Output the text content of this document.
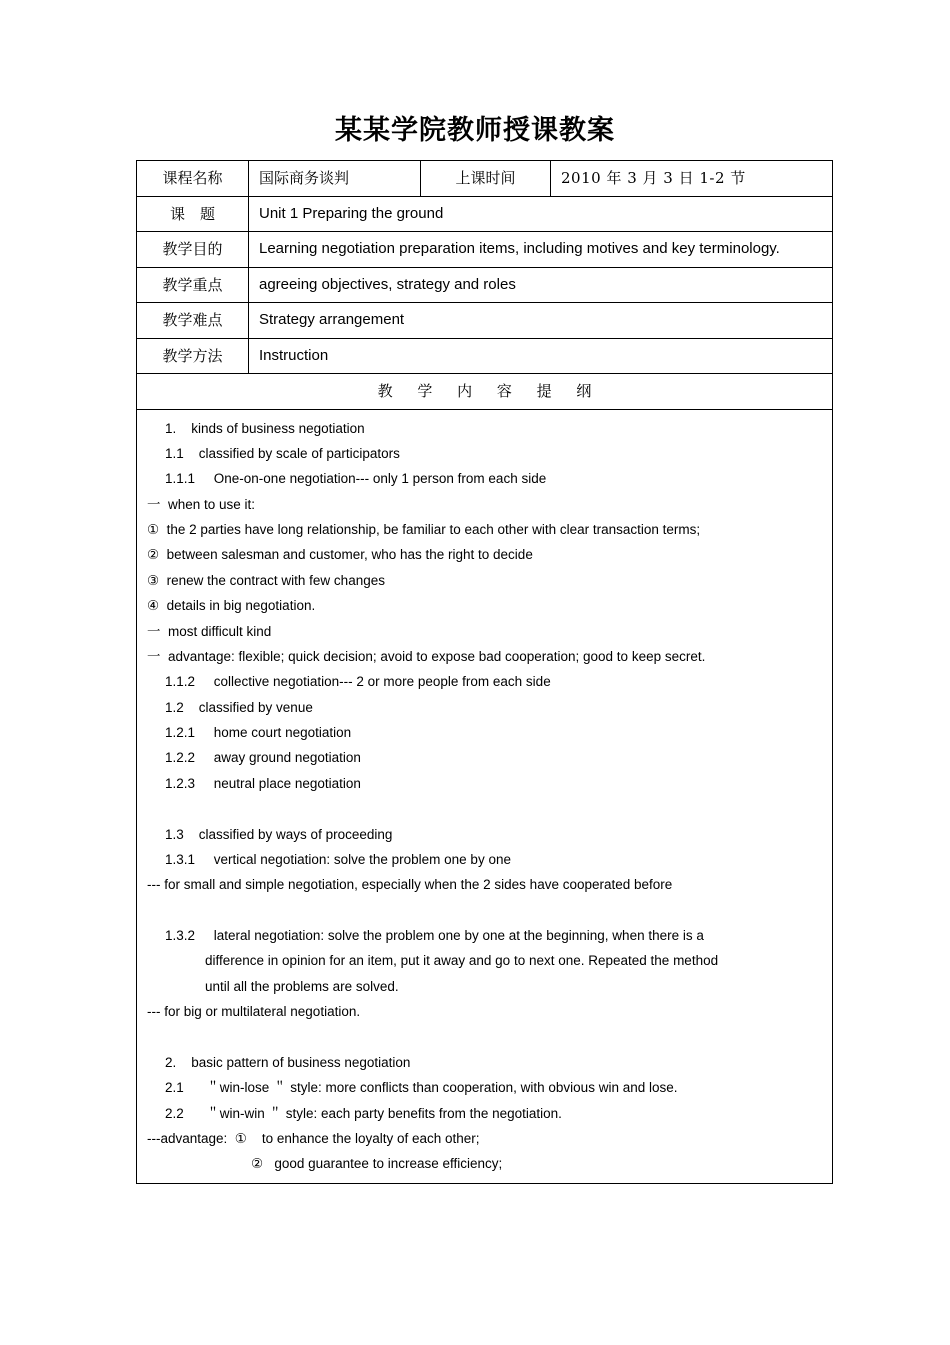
某某学院教师授课教案
课程名称	国际商务谈判	上课时间	2010 年 3 月 3 日 1-2 节
课　题	Unit 1 Preparing the ground		
教学目的	Learning negotiation preparation items, including motives and key terminology.		
教学重点	agreeing objectives, strategy and roles		
教学难点	Strategy arrangement		
教学方法	Instruction		
教 学 内 容 提 纲			

1.    kinds of business negotiation
1.1    classified by scale of participators
1.1.1     One-on-one negotiation--- only 1 person from each side
一  when to use it:
①  the 2 parties have long relationship, be familiar to each other with clear transaction terms;
②  between salesman and customer, who has the right to decide
③  renew the contract with few changes
④  details in big negotiation.
一  most difficult kind
一  advantage: flexible; quick decision; avoid to expose bad cooperation; good to keep secret.
1.1.2     collective negotiation--- 2 or more people from each side
1.2    classified by venue
1.2.1     home court negotiation
1.2.2     away ground negotiation
1.2.3     neutral place negotiation

1.3    classified by ways of proceeding
1.3.1     vertical negotiation: solve the problem one by one
--- for small and simple negotiation, especially when the 2 sides have cooperated before

1.3.2     lateral negotiation: solve the problem one by one at the beginning, when there is a
difference in opinion for an item, put it away and go to next one. Repeated the method
until all the problems are solved.
--- for big or multilateral negotiation.

2.    basic pattern of business negotiation
2.1      ＂win-lose ＂ style: more conflicts than cooperation, with obvious win and lose.
2.2      ＂win-win ＂ style: each party benefits from the negotiation.
---advantage:  ①    to enhance the loyalty of each other;
②   good guarantee to increase efficiency;
